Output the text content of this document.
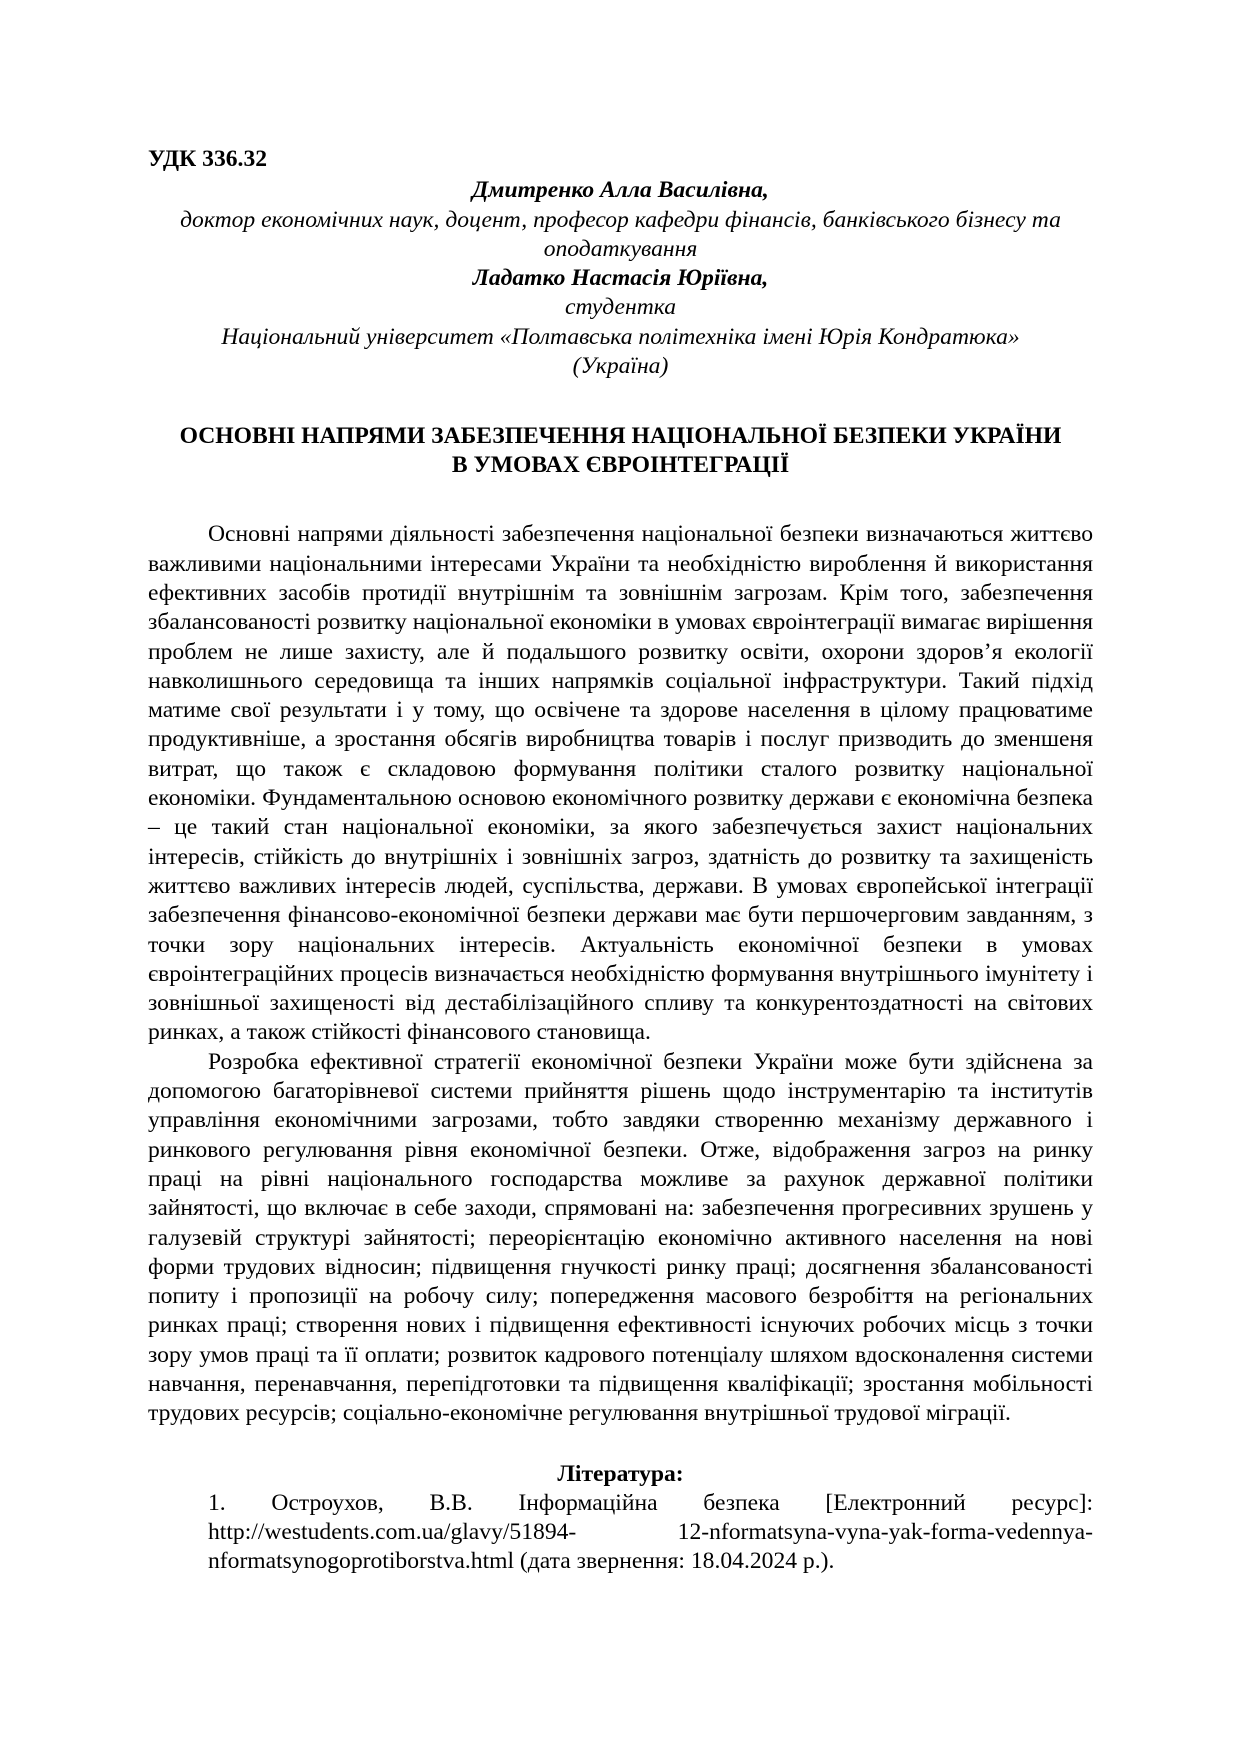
УДК 336.32

Дмитренко Алла Василівна,

доктор економічних наук, доцент, професор кафедри фінансів, банківського бізнесу та

оподаткування

Ладатко Настасія Юріївна,

студентка

Національний університет «Полтавська політехніка імені Юрія Кондратюка»

(Україна)

ОСНОВНІ НАПРЯМИ ЗАБЕЗПЕЧЕННЯ НАЦІОНАЛЬНОЇ БЕЗПЕКИ УКРАЇНИ
В УМОВАХ ЄВРОІНТЕГРАЦІЇ

Основні напрями діяльності забезпечення національної безпеки визначаються життєво важливими національними інтересами України та необхідністю вироблення й використання ефективних засобів протидії внутрішнім та зовнішнім загрозам. Крім того, забезпечення збалансованості розвитку національної економіки в умовах євроінтеграції вимагає вирішення проблем не лише захисту, але й подальшого розвитку освіти, охорони здоров’я екології навколишнього середовища та інших напрямків соціальної інфраструктури. Такий підхід матиме свої результати і у тому, що освічене та здорове населення в цілому працюватиме продуктивніше, а зростання обсягів виробництва товарів і послуг призводить до зменшеня витрат, що також є складовою формування політики сталого розвитку національної економіки. Фундаментальною основою економічного розвитку держави є економічна безпека – це такий стан національної економіки, за якого забезпечується захист національних інтересів, стійкість до внутрішніх і зовнішніх загроз, здатність до розвитку та захищеність життєво важливих інтересів людей, суспільства, держави. В умовах європейської інтеграції забезпечення фінансово-економічної безпеки держави має бути першочерговим завданням, з точки зору національних інтересів. Актуальність економічної безпеки в умовах євроінтеграційних процесів визначається необхідністю формування внутрішнього імунітету і зовнішньої захищеності від дестабілізаційного спливу та конкурентоздатності на світових ринках, а також стійкості фінансового становища.

Розробка ефективної стратегії економічної безпеки України може бути здійснена за допомогою багаторівневої системи прийняття рішень щодо інструментарію та інститутів управління економічними загрозами, тобто завдяки створенню механізму державного і ринкового регулювання рівня економічної безпеки. Отже, відображення загроз на ринку праці на рівні національного господарства можливе за рахунок державної політики зайнятості, що включає в себе заходи, спрямовані на: забезпечення прогресивних зрушень у галузевій структурі зайнятості; переорієнтацію економічно активного населення на нові форми трудових відносин; підвищення гнучкості ринку праці; досягнення збалансованості попиту і пропозиції на робочу силу; попередження масового безробіття на регіональних ринках праці; створення нових і підвищення ефективності існуючих робочих місць з точки зору умов праці та її оплати; розвиток кадрового потенціалу шляхом вдосконалення системи навчання, перенавчання, перепідготовки та підвищення кваліфікації; зростання мобільності трудових ресурсів; соціально-економічне регулювання внутрішньої трудової міграції.

Література:

1. Остроухов, В.В. Інформаційна безпека [Електронний ресурс]:
http://westudents.com.ua/glavy/51894- 12-nformatsyna-vyna-yak-forma-vedennya-
nformatsynogoprotiborstva.html (дата звернення: 18.04.2024 р.).
